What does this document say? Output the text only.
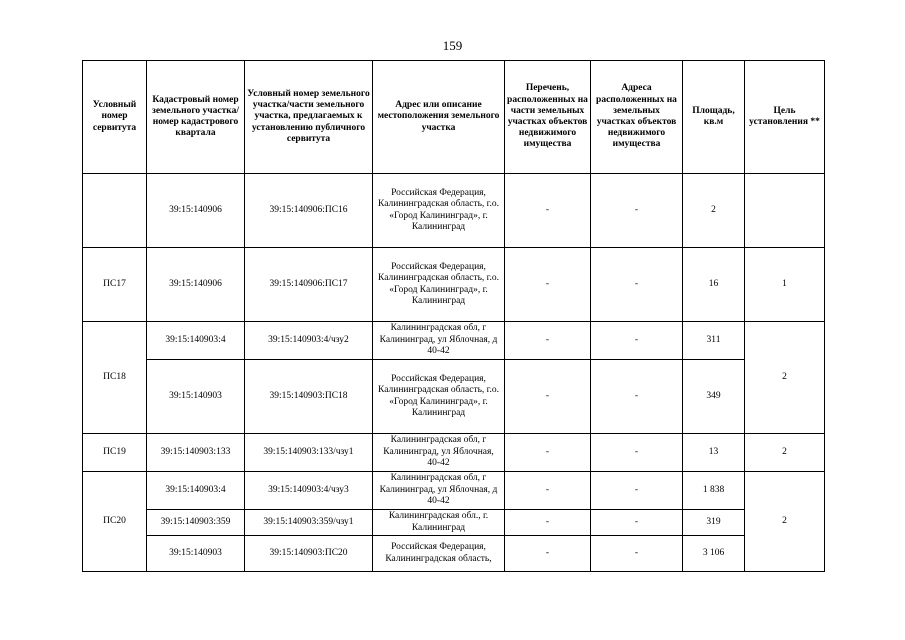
159
Условный номер сервитута	Кадастровый номер земельного участка/номер кадастрового квартала	Условный номер земельного участка/части земельного участка, предлагаемых к установлению публичного сервитута	Адрес или описание местоположения земельного участка	Перечень, расположенных на части земельных участках объектов недвижимого имущества	Адреса расположенных на земельных участках объектов недвижимого имущества	Площадь, кв.м	Цель установления **
	39:15:140906	39:15:140906:ПС16	Российская Федерация, Калининградская область, г.о. «Город Калининград», г. Калининград	-	-	2	
ПС17	39:15:140906	39:15:140906:ПС17	Российская Федерация, Калининградская область, г.о. «Город Калининград», г. Калининград	-	-	16	1
ПС18	39:15:140903:4	39:15:140903:4/чзу2	Калининградская обл, г Калининград, ул Яблочная, д 40-42	-	-	311	2
	39:15:140903	39:15:140903:ПС18	Российская Федерация, Калининградская область, г.о. «Город Калининград», г. Калининград	-	-	349	
ПС19	39:15:140903:133	39:15:140903:133/чзу1	Калининградская обл, г Калининград, ул Яблочная, 40-42	-	-	13	2
ПС20	39:15:140903:4	39:15:140903:4/чзу3	Калининградская обл, г Калининград, ул Яблочная, д 40-42	-	-	1 838	2
	39:15:140903:359	39:15:140903:359/чзу1	Калининградская обл., г. Калининград	-	-	319	
	39:15:140903	39:15:140903:ПС20	Российская Федерация, Калининградская область,	-	-	3 106	
